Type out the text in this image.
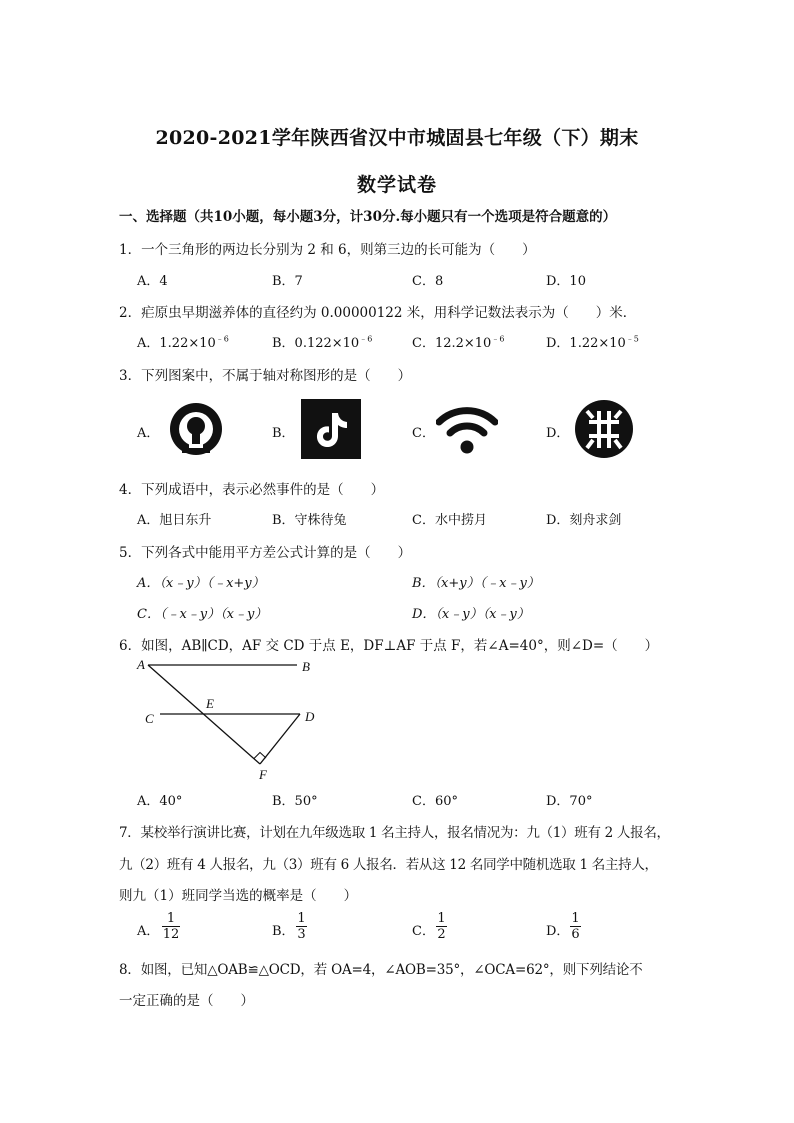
2020-2021学年陕西省汉中市城固县七年级（下）期末
数学试卷
一、选择题（共10小题，每小题3分，计30分.每小题只有一个选项是符合题意的）
1．一个三角形的两边长分别为 2 和 6，则第三边的长可能为（　　）
A．4	B．7	C．8	D．10
2．疟原虫早期滋养体的直径约为 0.00000122 米，用科学记数法表示为（　　）米．
A．$1.22\times 10^{﹣6}$	B．$0.122\times 10^{﹣6}$	C．$12.2\times 10^{﹣6}$	D．$1.22\times 10^{﹣5}$
3．下列图案中，不属于轴对称图形的是（　　）
A．	B．	C．	D．
4．下列成语中，表示必然事件的是（　　）
A．旭日东升	B．守株待兔	C．水中捞月	D．刻舟求剑
5．下列各式中能用平方差公式计算的是（　　）
A．（x﹣y）（﹣x+y）	B．（x+y）（﹣x﹣y）
C．（﹣x﹣y）（x﹣y）	D．（x﹣y）（x﹣y）
6．如图，AB∥CD，AF 交 CD 于点 E，DF⊥AF 于点 F，若∠A=40°，则∠D=（　　）
A	B
C
E
D
F
A．40°	B．50°	C．60°	D．70°
7．某校举行演讲比赛，计划在九年级选取 1 名主持人，报名情况为：九（1）班有 2 人报名，
九（2）班有 4 人报名，九（3）班有 6 人报名．若从这 12 名同学中随机选取 1 名主持人，
则九（1）班同学当选的概率是（　　）
A．
1
12	B．
1
3	C．
1
2	D．
1
6
8．如图，已知△OAB≌△OCD，若 OA=4，∠AOB=35°，∠OCA=62°，则下列结论不
一定正确的是（　　）
